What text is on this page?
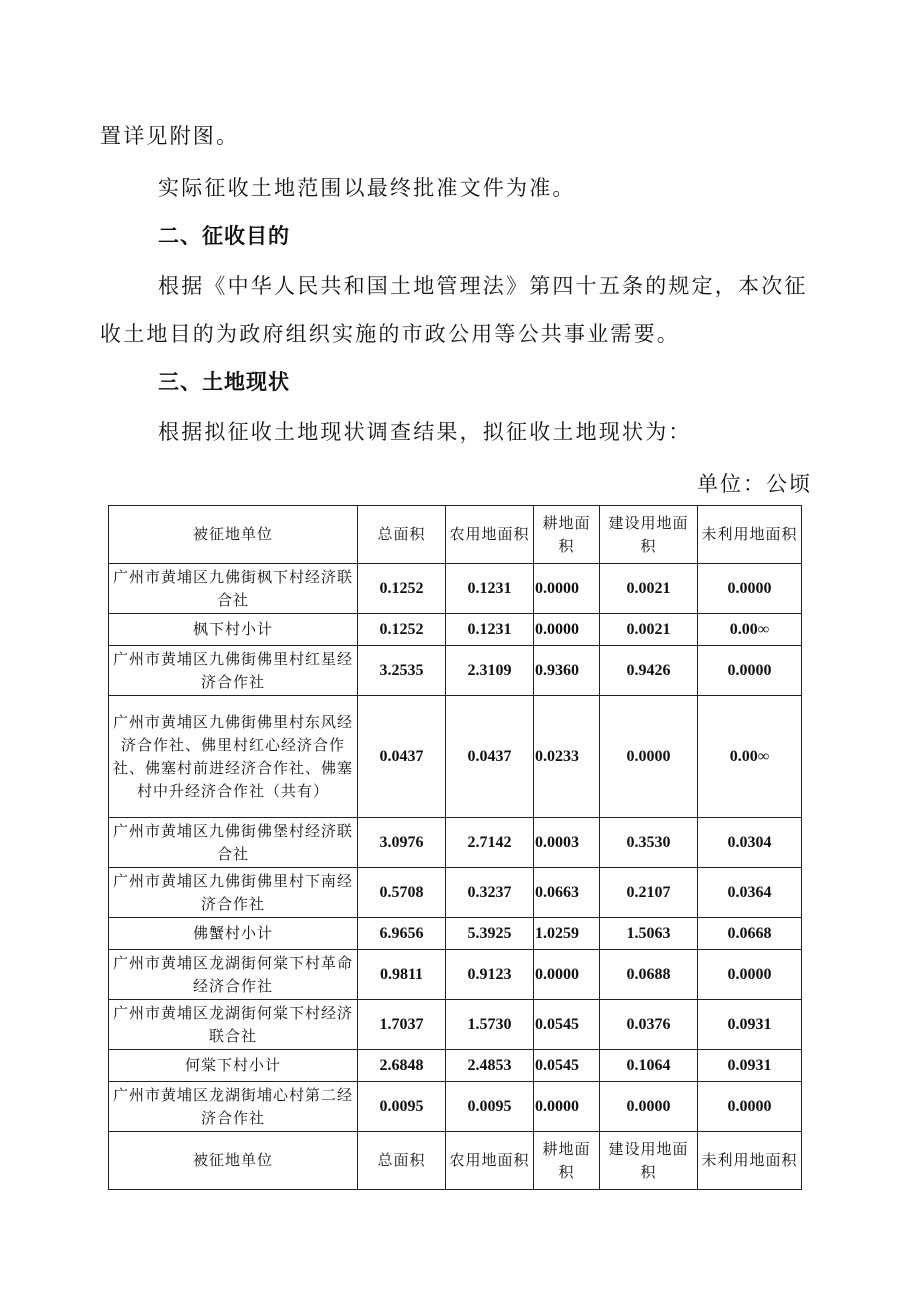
置详见附图。
实际征收土地范围以最终批准文件为准。
二、征收目的
根据《中华人民共和国土地管理法》第四十五条的规定，本次征
收土地目的为政府组织实施的市政公用等公共事业需要。
三、土地现状
根据拟征收土地现状调查结果，拟征收土地现状为：
单位：公顷
被征地单位	总面积	农用地面积	耕地面积	建设用地面积	未利用地面积
广州市黄埔区九佛街枫下村经济联合社	0.1252	0.1231	0.0000	0.0021	0.0000
枫下村小计	0.1252	0.1231	0.0000	0.0021	0.00∞
广州市黄埔区九佛街佛里村红星经济合作社	3.2535	2.3109	0.9360	0.9426	0.0000
广州市黄埔区九佛街佛里村东风经济合作社、佛里村红心经济合作社、佛塞村前进经济合作社、佛塞村中升经济合作社（共有）	0.0437	0.0437	0.0233	0.0000	0.00∞
广州市黄埔区九佛街佛堡村经济联合社	3.0976	2.7142	0.0003	0.3530	0.0304
广州市黄埔区九佛街佛里村下南经济合作社	0.5708	0.3237	0.0663	0.2107	0.0364
佛蟹村小计	6.9656	5.3925	1.0259	1.5063	0.0668
广州市黄埔区龙湖街何棠下村革命经济合作社	0.9811	0.9123	0.0000	0.0688	0.0000
广州市黄埔区龙湖街何棠下村经济联合社	1.7037	1.5730	0.0545	0.0376	0.0931
何棠下村小计	2.6848	2.4853	0.0545	0.1064	0.0931
广州市黄埔区龙湖街埔心村第二经济合作社	0.0095	0.0095	0.0000	0.0000	0.0000
被征地单位	总面积	农用地面积	耕地面积	建设用地面积	未利用地面积
